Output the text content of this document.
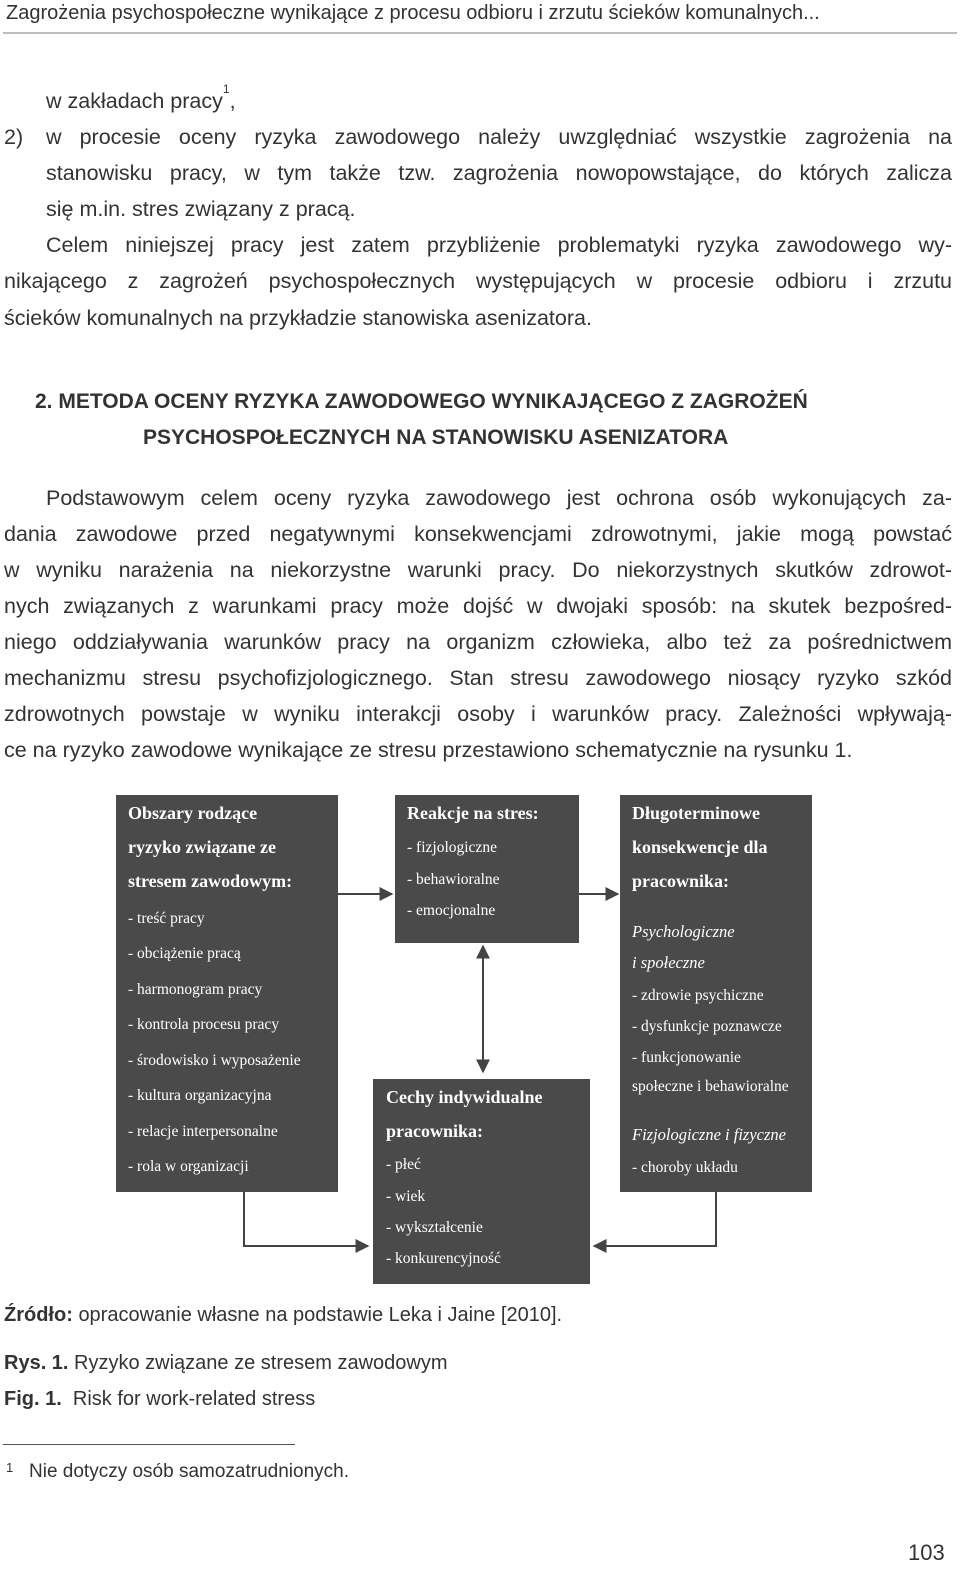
Zagrożenia psychospołeczne wynikające z procesu odbioru i zrzutu ścieków komunalnych...
w zakładach pracy$^1$,
2) w procesie oceny ryzyka zawodowego należy uwzględniać wszystkie zagrożenia na
stanowisku pracy, w tym także tzw. zagrożenia nowopowstające, do których zalicza
się m.in. stres związany z pracą.
Celem niniejszej pracy jest zatem przybliżenie problematyki ryzyka zawodowego wy-
nikającego z zagrożeń psychospołecznych występujących w procesie odbioru i zrzutu
ścieków komunalnych na przykładzie stanowiska asenizatora.
2. METODA OCENY RYZYKA ZAWODOWEGO WYNIKAJĄCEGO Z ZAGROŻEŃ
PSYCHOSPOŁECZNYCH NA STANOWISKU ASENIZATORA
Podstawowym celem oceny ryzyka zawodowego jest ochrona osób wykonujących za-
dania zawodowe przed negatywnymi konsekwencjami zdrowotnymi, jakie mogą powstać
w wyniku narażenia na niekorzystne warunki pracy. Do niekorzystnych skutków zdrowot-
nych związanych z warunkami pracy może dojść w dwojaki sposób: na skutek bezpośred-
niego oddziaływania warunków pracy na organizm człowieka, albo też za pośrednictwem
mechanizmu stresu psychofizjologicznego. Stan stresu zawodowego niosący ryzyko szkód
zdrowotnych powstaje w wyniku interakcji osoby i warunków pracy. Zależności wpływają-
ce na ryzyko zawodowe wynikające ze stresu przestawiono schematycznie na rysunku 1.
Obszary rodzące
ryzyko związane ze
stresem zawodowym:
- treść pracy
- obciążenie pracą
- harmonogram pracy
- kontrola procesu pracy
- środowisko i wyposażenie
- kultura organizacyjna
- relacje interpersonalne
- rola w organizacji
Reakcje na stres:
- fizjologiczne
- behawioralne
- emocjonalne
Długoterminowe
konsekwencje dla
pracownika:
Psychologiczne
i społeczne
- zdrowie psychiczne
- dysfunkcje poznawcze
- funkcjonowanie
społeczne i behawioralne
Fizjologiczne i fizyczne
- choroby układu
Cechy indywidualne
pracownika:
- płeć
- wiek
- wykształcenie
- konkurencyjność
Źródło: opracowanie własne na podstawie Leka i Jaine [2010].
Rys. 1. Ryzyko związane ze stresem zawodowym
Fig. 1. Risk for work-related stress
1 Nie dotyczy osób samozatrudnionych.
103
